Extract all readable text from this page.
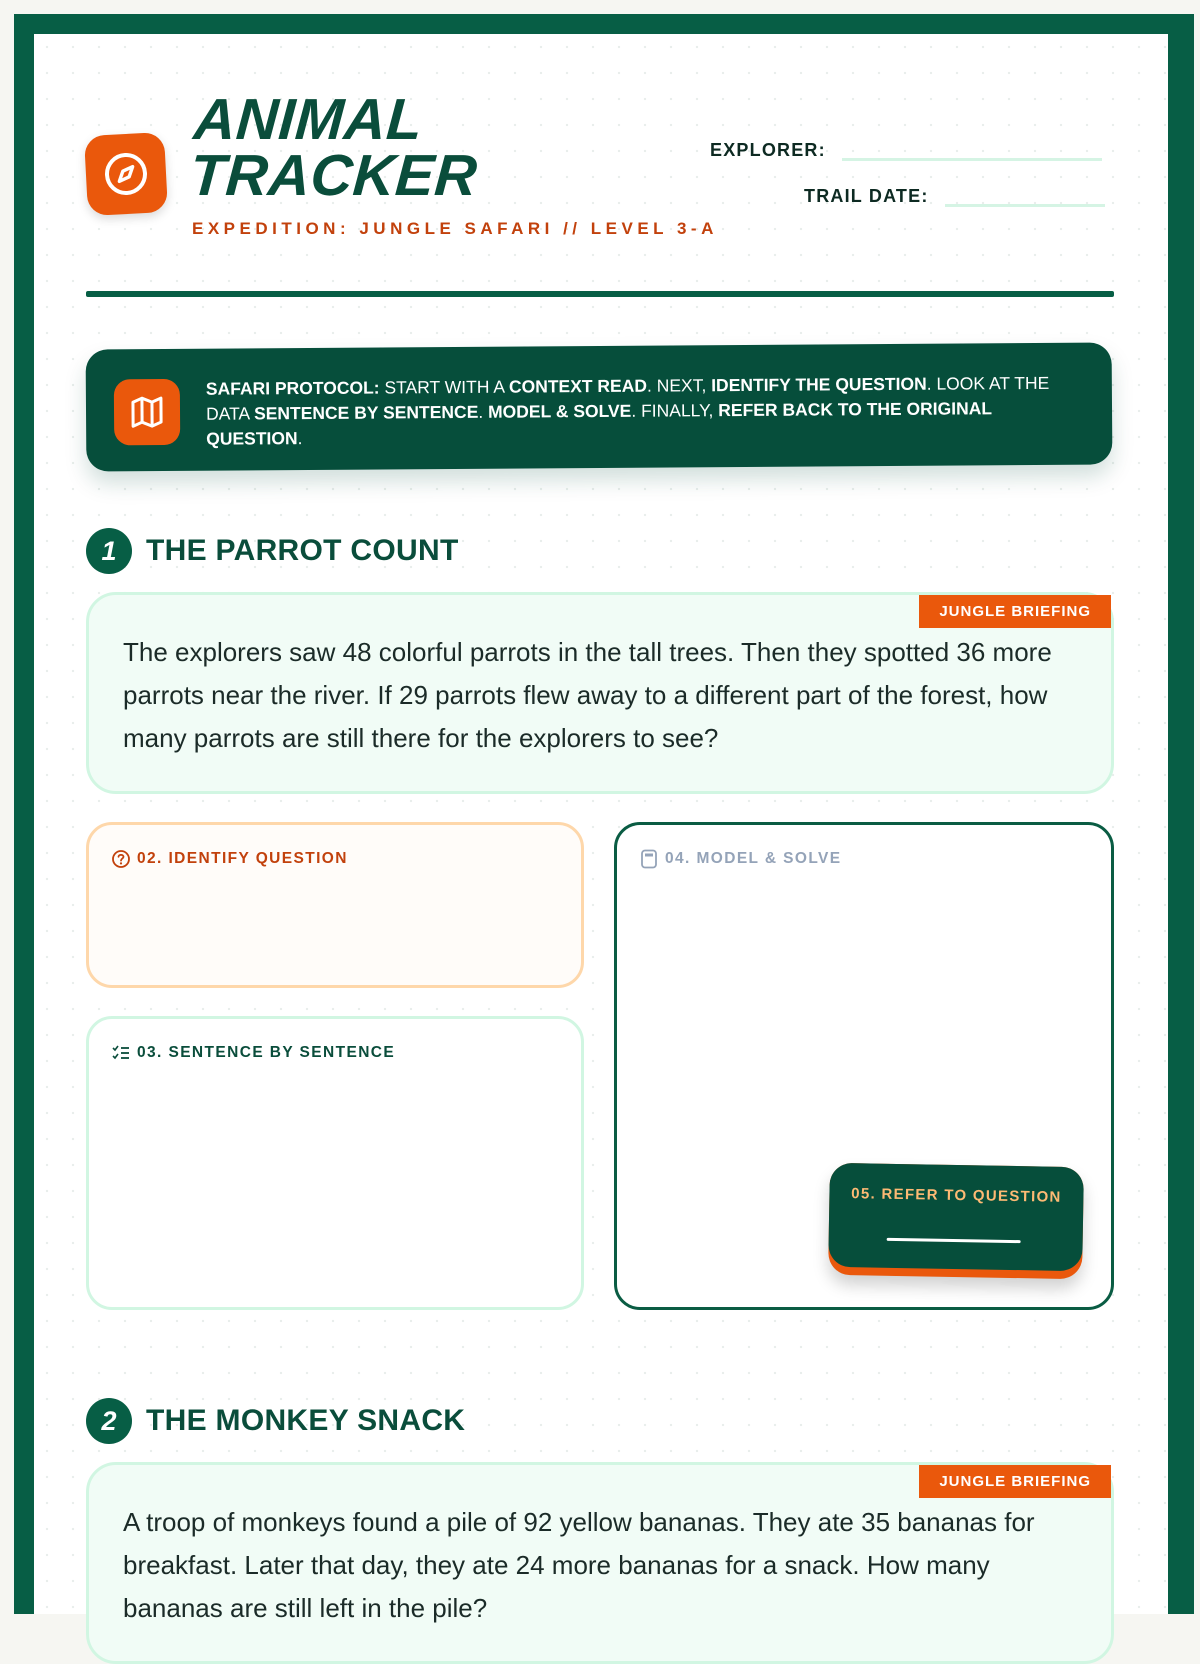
ANIMAL
TRACKER
EXPEDITION: JUNGLE SAFARI // LEVEL 3-A
EXPLORER:
TRAIL DATE:
SAFARI PROTOCOL: START WITH A CONTEXT READ. NEXT, IDENTIFY THE QUESTION. LOOK AT THE DATA SENTENCE BY SENTENCE. MODEL & SOLVE. FINALLY, REFER BACK TO THE ORIGINAL QUESTION.
1 THE PARROT COUNT
JUNGLE BRIEFING
The explorers saw 48 colorful parrots in the tall trees. Then they spotted 36 more parrots near the river. If 29 parrots flew away to a different part of the forest, how many parrots are still there for the explorers to see?
02. IDENTIFY QUESTION
03. SENTENCE BY SENTENCE
04. MODEL & SOLVE
05. REFER TO QUESTION
2 THE MONKEY SNACK
JUNGLE BRIEFING
A troop of monkeys found a pile of 92 yellow bananas. They ate 35 bananas for breakfast. Later that day, they ate 24 more bananas for a snack. How many bananas are still left in the pile?
